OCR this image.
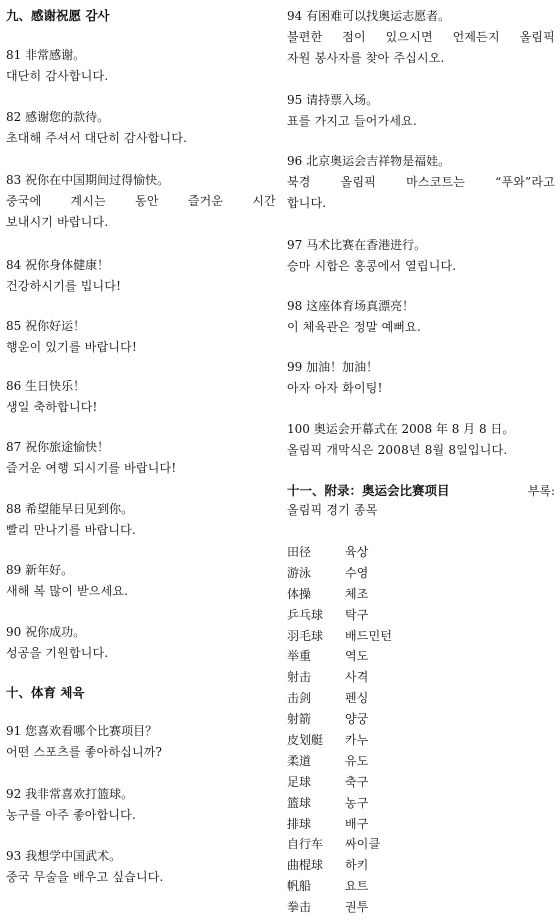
九、感谢祝愿 감사
81 非常感谢。
대단히 감사합니다.
82 感谢您的款待。
초대해 주셔서 대단히 감사합니다.
83 祝你在中国期间过得愉快。
중국에 계시는 동안 즐거운 시간
보내시기 바랍니다.
84 祝你身体健康！
건강하시기를 빕니다!
85 祝你好运！
행운이 있기를 바랍니다!
86 生日快乐！
생일 축하합니다!
87 祝你旅途愉快！
즐거운 여행 되시기를 바랍니다!
88 希望能早日见到你。
빨리 만나기를 바랍니다.
89 新年好。
새해 복 많이 받으세요.
90 祝你成功。
성공을 기원합니다.
十、体育 체육
91 您喜欢看哪个比赛项目？
어떤 스포츠를 좋아하십니까?
92 我非常喜欢打篮球。
농구를 아주 좋아합니다.
93 我想学中国武术。
중국 무술을 배우고 싶습니다.
94 有困难可以找奥运志愿者。
불편한 점이 있으시면 언제든지 올림픽
자원 봉사자를 찾아 주십시오.
95 请持票入场。
표를 가지고 들어가세요.
96 北京奥运会吉祥物是福娃。
북경	올림픽	마스코트는	“푸와”라고
합니다.
97 马术比赛在香港进行。
승마 시합은 홍콩에서 열립니다.
98 这座体育场真漂亮！
이 체육관은 정말 예뻐요.
99 加油！加油！
아자 아자 화이팅!
100 奥运会开幕式在 2008 年 8 月 8 日。
올림픽 개막식은 2008년 8월 8일입니다.
十一、附录：奥运会比赛项目	부록:
올림픽 경기 종목
田径	육상
游泳	수영
体操	체조
乒乓球	탁구
羽毛球	배드민턴
举重	역도
射击	사격
击剑	펜싱
射箭	양궁
皮划艇	카누
柔道	유도
足球	축구
篮球	농구
排球	배구
自行车	싸이클
曲棍球	하키
帆船	요트
拳击	권투
